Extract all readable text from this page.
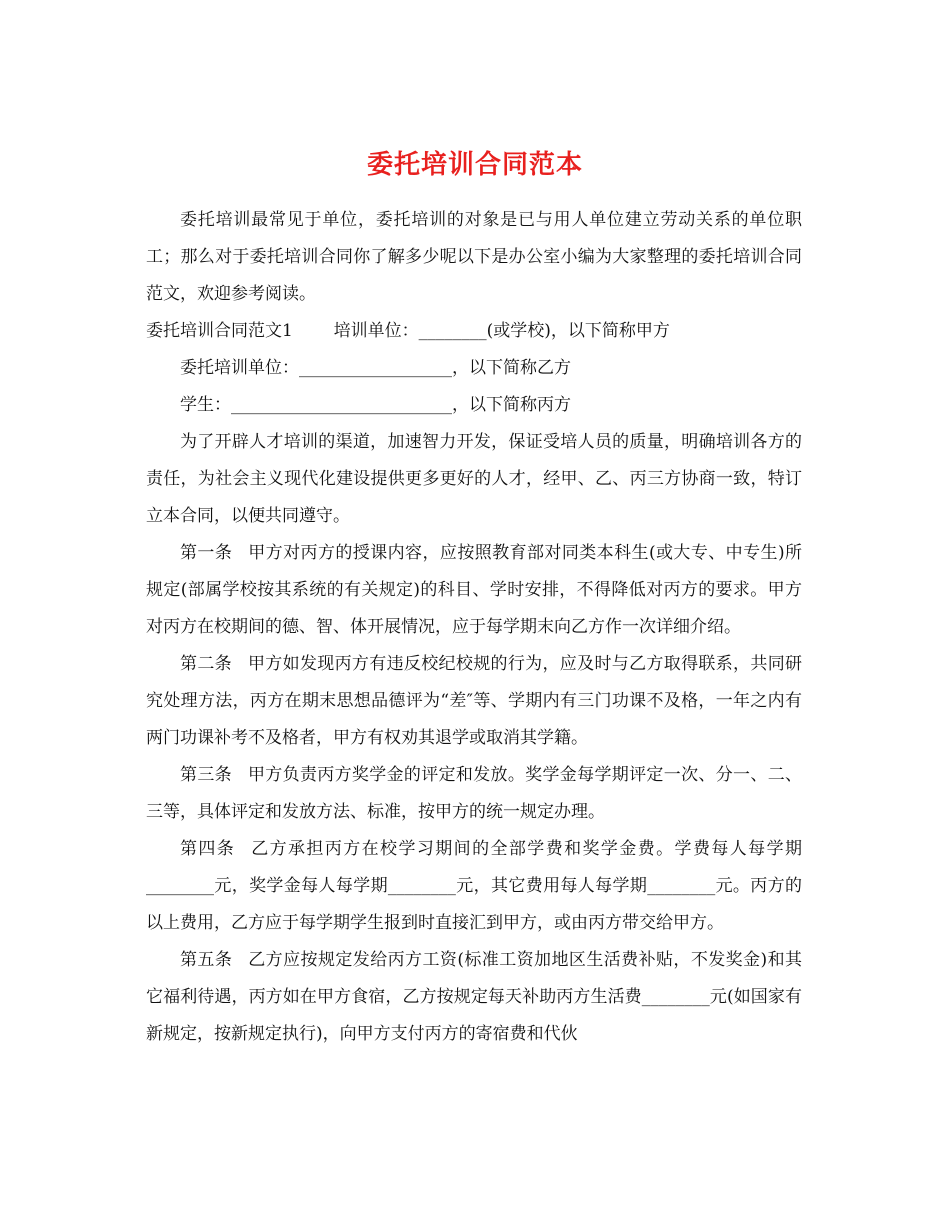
委托培训合同范本

委托培训最常见于单位，委托培训的对象是已与用人单位建立劳动关系的单位职工；那么对于委托培训合同你了解多少呢以下是办公室小编为大家整理的委托培训合同范文，欢迎参考阅读。

委托培训合同范文1 培训单位：________(或学校)，以下简称甲方

委托培训单位：__________________，以下简称乙方

学生：__________________________，以下简称丙方

为了开辟人才培训的渠道，加速智力开发，保证受培人员的质量，明确培训各方的责任，为社会主义现代化建设提供更多更好的人才，经甲、乙、丙三方协商一致，特订立本合同，以便共同遵守。

第一条 甲方对丙方的授课内容，应按照教育部对同类本科生(或大专、中专生)所规定(部属学校按其系统的有关规定)的科目、学时安排，不得降低对丙方的要求。甲方对丙方在校期间的德、智、体开展情况，应于每学期末向乙方作一次详细介绍。

第二条 甲方如发现丙方有违反校纪校规的行为，应及时与乙方取得联系，共同研究处理方法，丙方在期末思想品德评为“差″等、学期内有三门功课不及格，一年之内有两门功课补考不及格者，甲方有权劝其退学或取消其学籍。

第三条 甲方负责丙方奖学金的评定和发放。奖学金每学期评定一次、分一、二、三等，具体评定和发放方法、标准，按甲方的统一规定办理。

第四条 乙方承担丙方在校学习期间的全部学费和奖学金费。学费每人每学期________元，奖学金每人每学期________元，其它费用每人每学期________元。丙方的以上费用，乙方应于每学期学生报到时直接汇到甲方，或由丙方带交给甲方。

第五条 乙方应按规定发给丙方工资(标准工资加地区生活费补贴，不发奖金)和其它福利待遇，丙方如在甲方食宿，乙方按规定每天补助丙方生活费________元(如国家有新规定，按新规定执行)，向甲方支付丙方的寄宿费和代伙
